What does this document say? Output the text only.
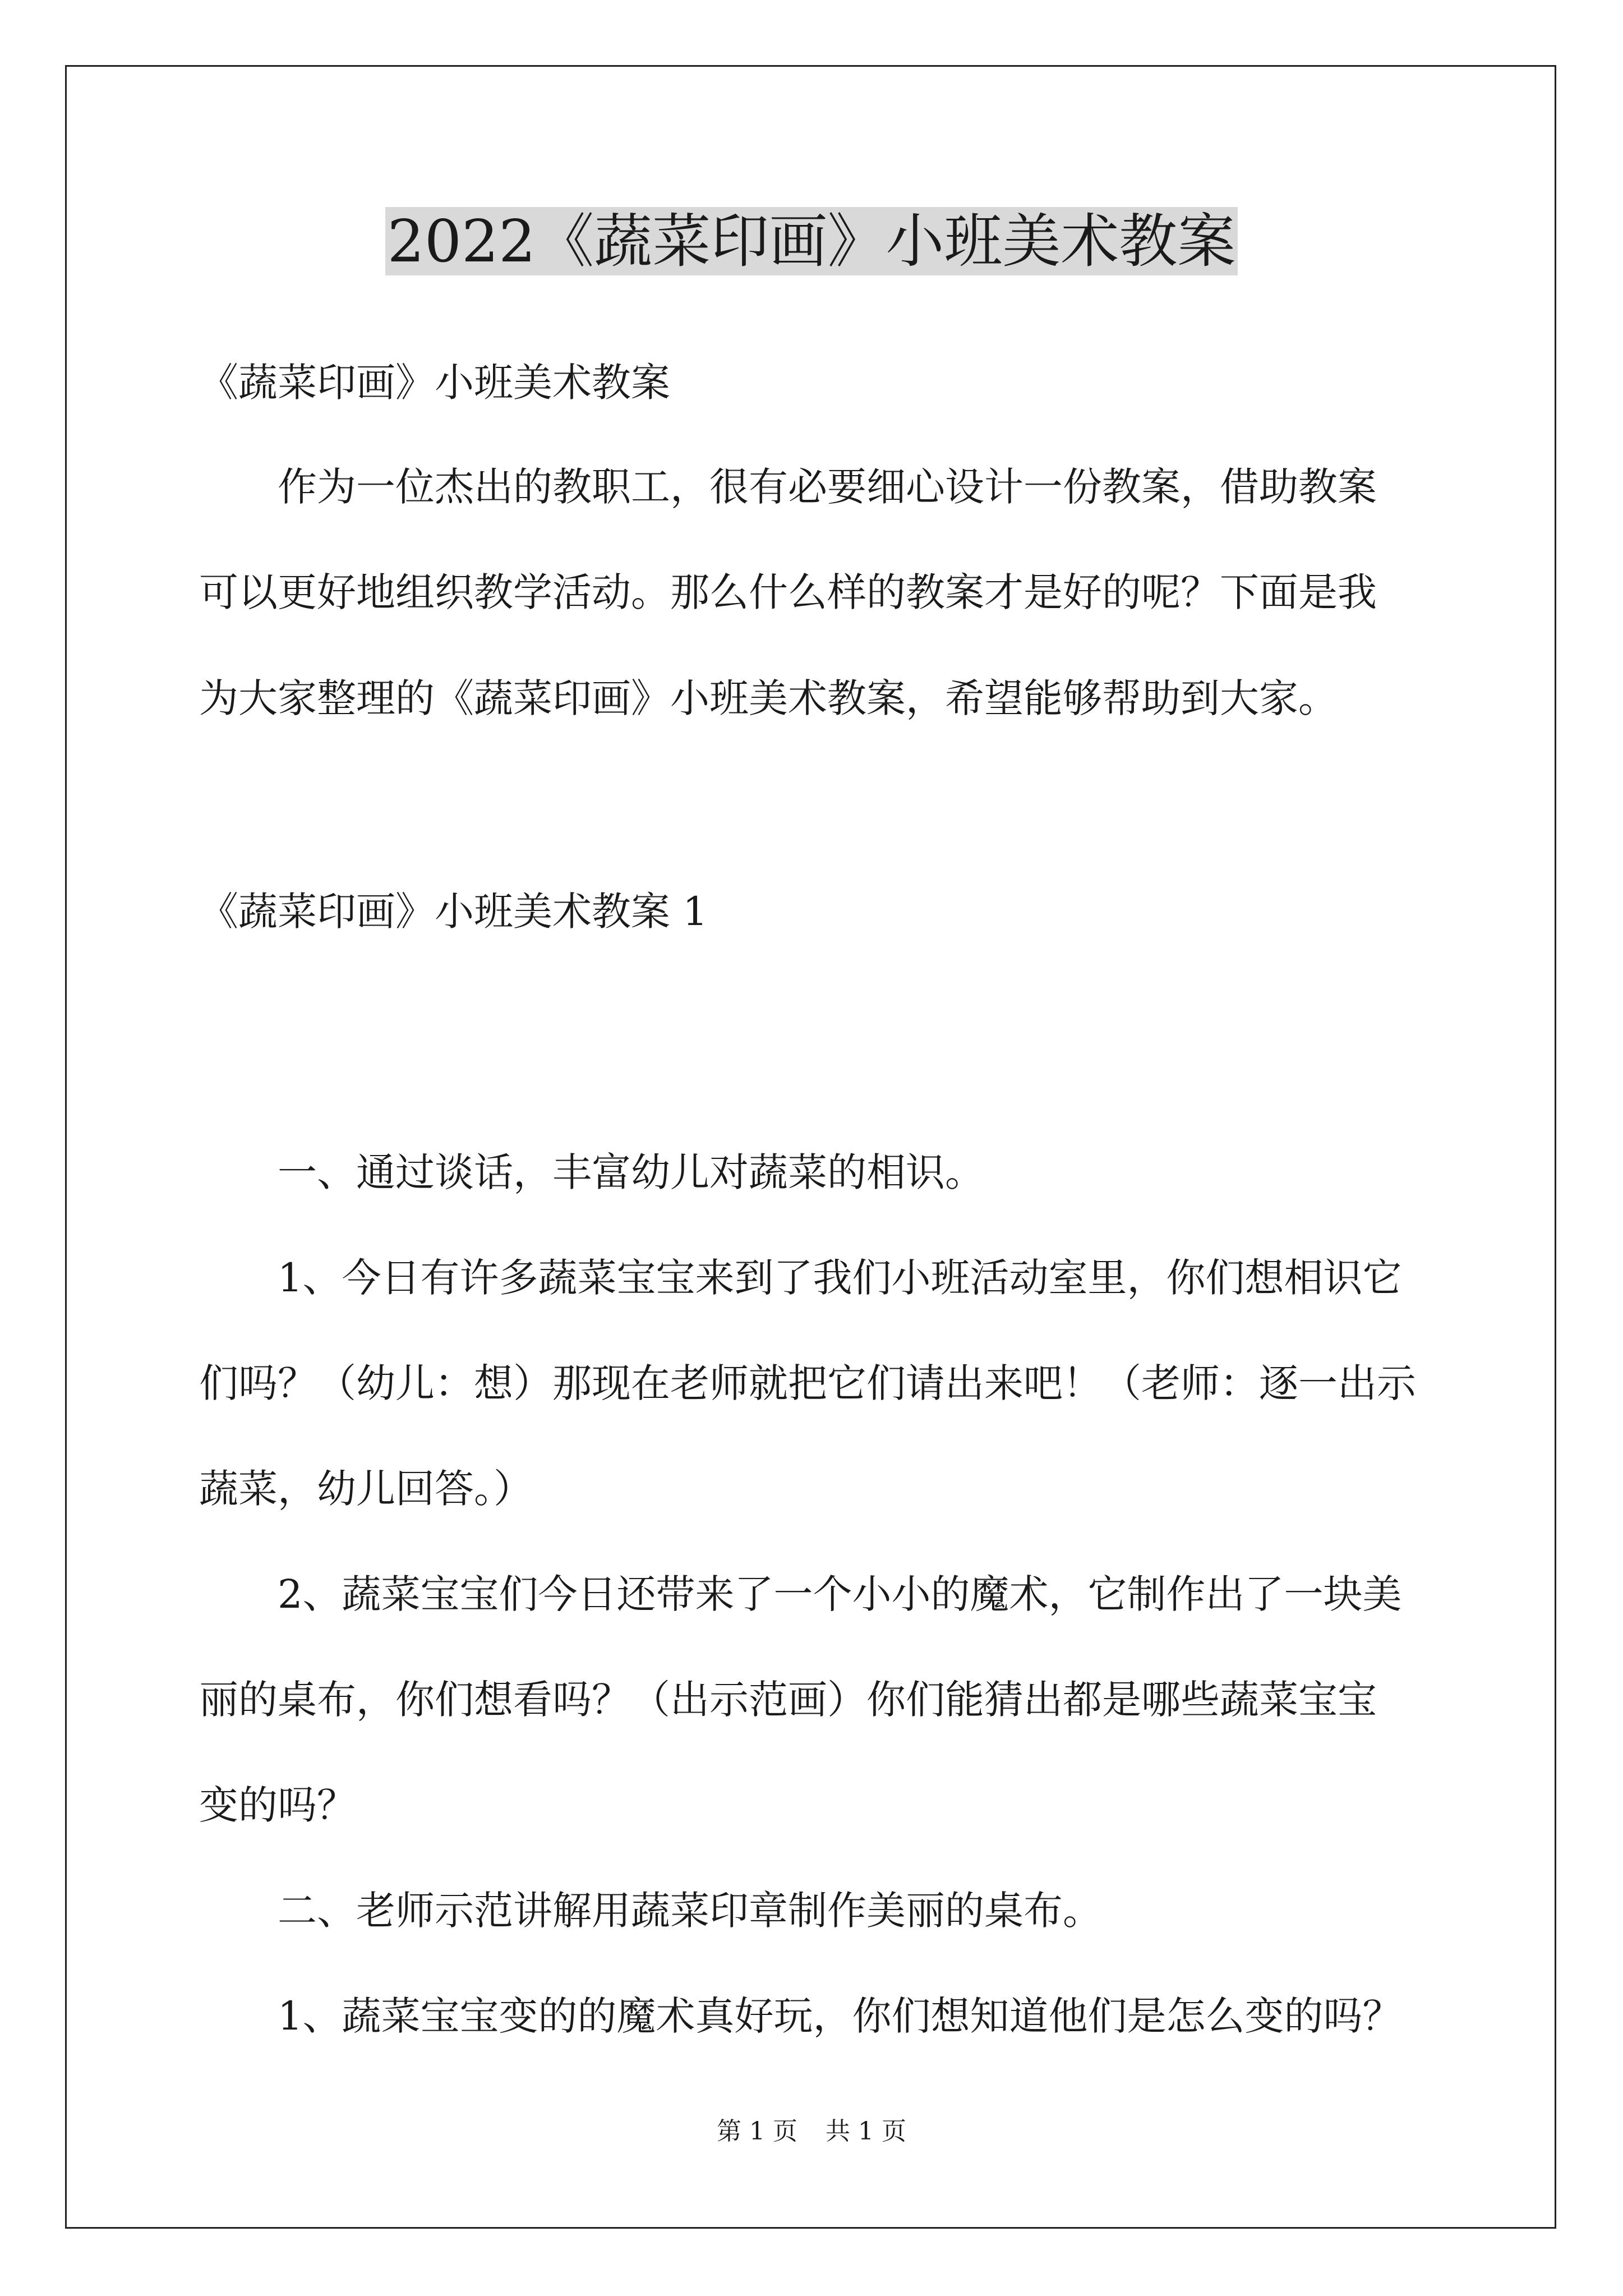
2022《蔬菜印画》小班美术教案
《蔬菜印画》小班美术教案
作为一位杰出的教职工，很有必要细心设计一份教案，借助教案
可以更好地组织教学活动。那么什么样的教案才是好的呢？下面是我
为大家整理的《蔬菜印画》小班美术教案，希望能够帮助到大家。
《蔬菜印画》小班美术教案 1
一、通过谈话，丰富幼儿对蔬菜的相识。
1、今日有许多蔬菜宝宝来到了我们小班活动室里，你们想相识它
们吗？（幼儿：想）那现在老师就把它们请出来吧！（老师：逐一出示
蔬菜，幼儿回答。）
2、蔬菜宝宝们今日还带来了一个小小的魔术，它制作出了一块美
丽的桌布，你们想看吗？（出示范画）你们能猜出都是哪些蔬菜宝宝
变的吗？
二、老师示范讲解用蔬菜印章制作美丽的桌布。
1、蔬菜宝宝变的的魔术真好玩，你们想知道他们是怎么变的吗？
第 1 页 共 1 页
